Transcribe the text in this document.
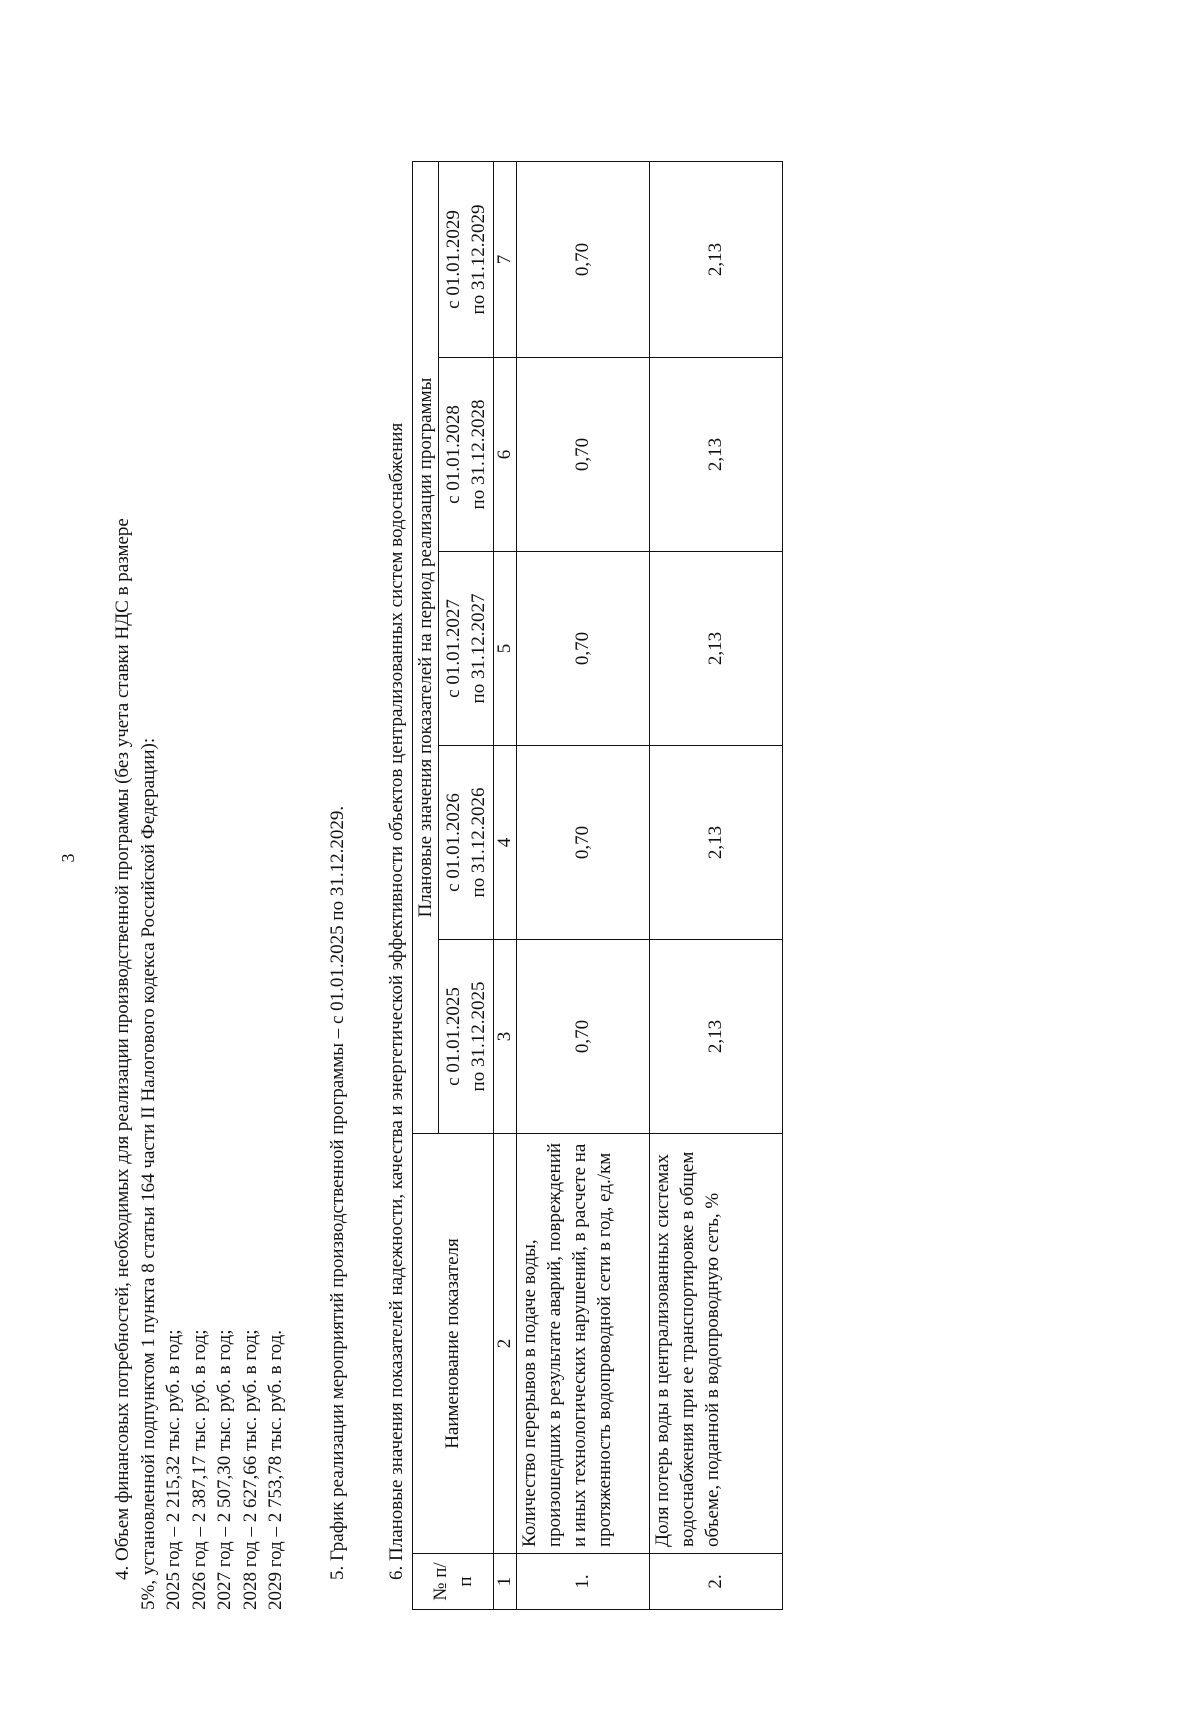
3 4. Объем финансовых потребностей, необходимых для реализации производственной программы (без учета ставки НДС в размере 5%, установленной подпунктом 1 пункта 8 статьи 164 части II Налогового кодекса Российской Федерации): 2025 год – 2 215,32 тыс. руб. в год; 2026 год – 2 387,17 тыс. руб. в год; 2027 год – 2 507,30 тыс. руб. в год; 2028 год – 2 627,66 тыс. руб. в год; 2029 год – 2 753,78 тыс. руб. в год. 5. График реализации мероприятий производственной программы – с 01.01.2025 по 31.12.2029. 6. Плановые значения показателей надежности, качества и энергетической эффективности объектов централизованных систем водоснабжения

№ п/п	Наименование показателя	Плановые значения показателей на период реализации программы				

		с 01.01.2025 по 31.12.2025	с 01.01.2026 по 31.12.2026	с 01.01.2027 по 31.12.2027	с 01.01.2028 по 31.12.2028	с 01.01.2029 по 31.12.2029

1	2	3	4	5	6	7
1.	Количество перерывов в подаче воды, произошедших в результате аварий, повреждений и иных технологических нарушений, в расчете на протяженность водопроводной сети в год, ед./км	0,70	0,70	0,70	0,70	0,70
2.	Доля потерь воды в централизованных системах водоснабжения при ее транспортировке в общем объеме, поданной в водопроводную сеть, %	2,13	2,13	2,13	2,13	2,13
